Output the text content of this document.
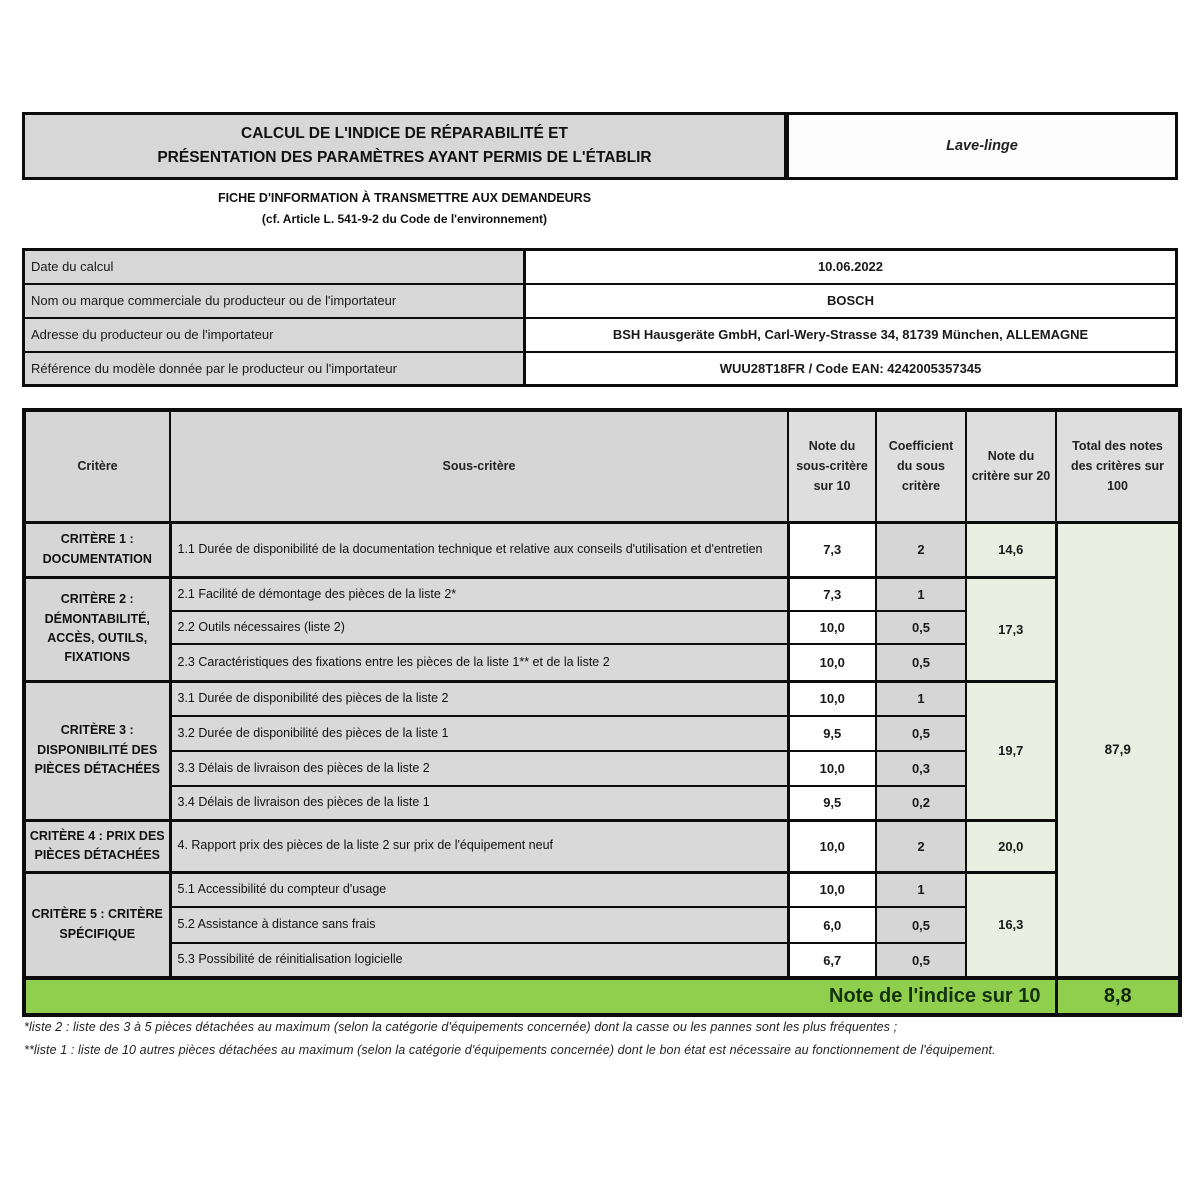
CALCUL DE L'INDICE DE RÉPARABILITÉ ET
PRÉSENTATION DES PARAMÈTRES AYANT PERMIS DE L'ÉTABLIR
Lave-linge
FICHE D'INFORMATION À TRANSMETTRE AUX DEMANDEURS
(cf. Article L. 541-9-2 du Code de l'environnement)
Date du calcul	10.06.2022
Nom ou marque commerciale du producteur ou de l'importateur	BOSCH
Adresse du producteur ou de l'importateur	BSH Hausgeräte GmbH, Carl-Wery-Strasse 34, 81739 München, ALLEMAGNE
Référence du modèle donnée par le producteur ou l'importateur	WUU28T18FR / Code EAN: 4242005357345
Critère	Sous-critère	Note du sous-critère sur 10	Coefficient du sous critère	Note du critère sur 20	Total des notes des critères sur 100
CRITÈRE 1 : DOCUMENTATION	1.1 Durée de disponibilité de la documentation technique et relative aux conseils d'utilisation et d'entretien	7,3	2	14,6	87,9
CRITÈRE 2 : DÉMONTABILITÉ, ACCÈS, OUTILS, FIXATIONS	2.1 Facilité de démontage des pièces de la liste 2*	7,3	1	17,3	
	2.2 Outils nécessaires (liste 2)	10,0	0,5		
	2.3 Caractéristiques des fixations entre les pièces de la liste 1** et de la liste 2	10,0	0,5		
CRITÈRE 3 : DISPONIBILITÉ DES PIÈCES DÉTACHÉES	3.1 Durée de disponibilité des pièces de la liste 2	10,0	1	19,7	
	3.2 Durée de disponibilité des pièces de la liste 1	9,5	0,5		
	3.3 Délais de livraison des pièces de la liste 2	10,0	0,3		
	3.4 Délais de livraison des pièces de la liste 1	9,5	0,2		
CRITÈRE 4 : PRIX DES PIÈCES DÉTACHÉES	4. Rapport prix des pièces de la liste 2 sur prix de l'équipement neuf	10,0	2	20,0	
CRITÈRE 5 : CRITÈRE SPÉCIFIQUE	5.1 Accessibilité du compteur d'usage	10,0	1	16,3	
	5.2 Assistance à distance sans frais	6,0	0,5		
	5.3 Possibilité de réinitialisation logicielle	6,7	0,5		
Note de l'indice sur 10					8,8
*liste 2 : liste des 3 à 5 pièces détachées au maximum (selon la catégorie d'équipements concernée) dont la casse ou les pannes sont les plus fréquentes ;
**liste 1 : liste de 10 autres pièces détachées au maximum (selon la catégorie d'équipements concernée) dont le bon état est nécessaire au fonctionnement de l'équipement.
